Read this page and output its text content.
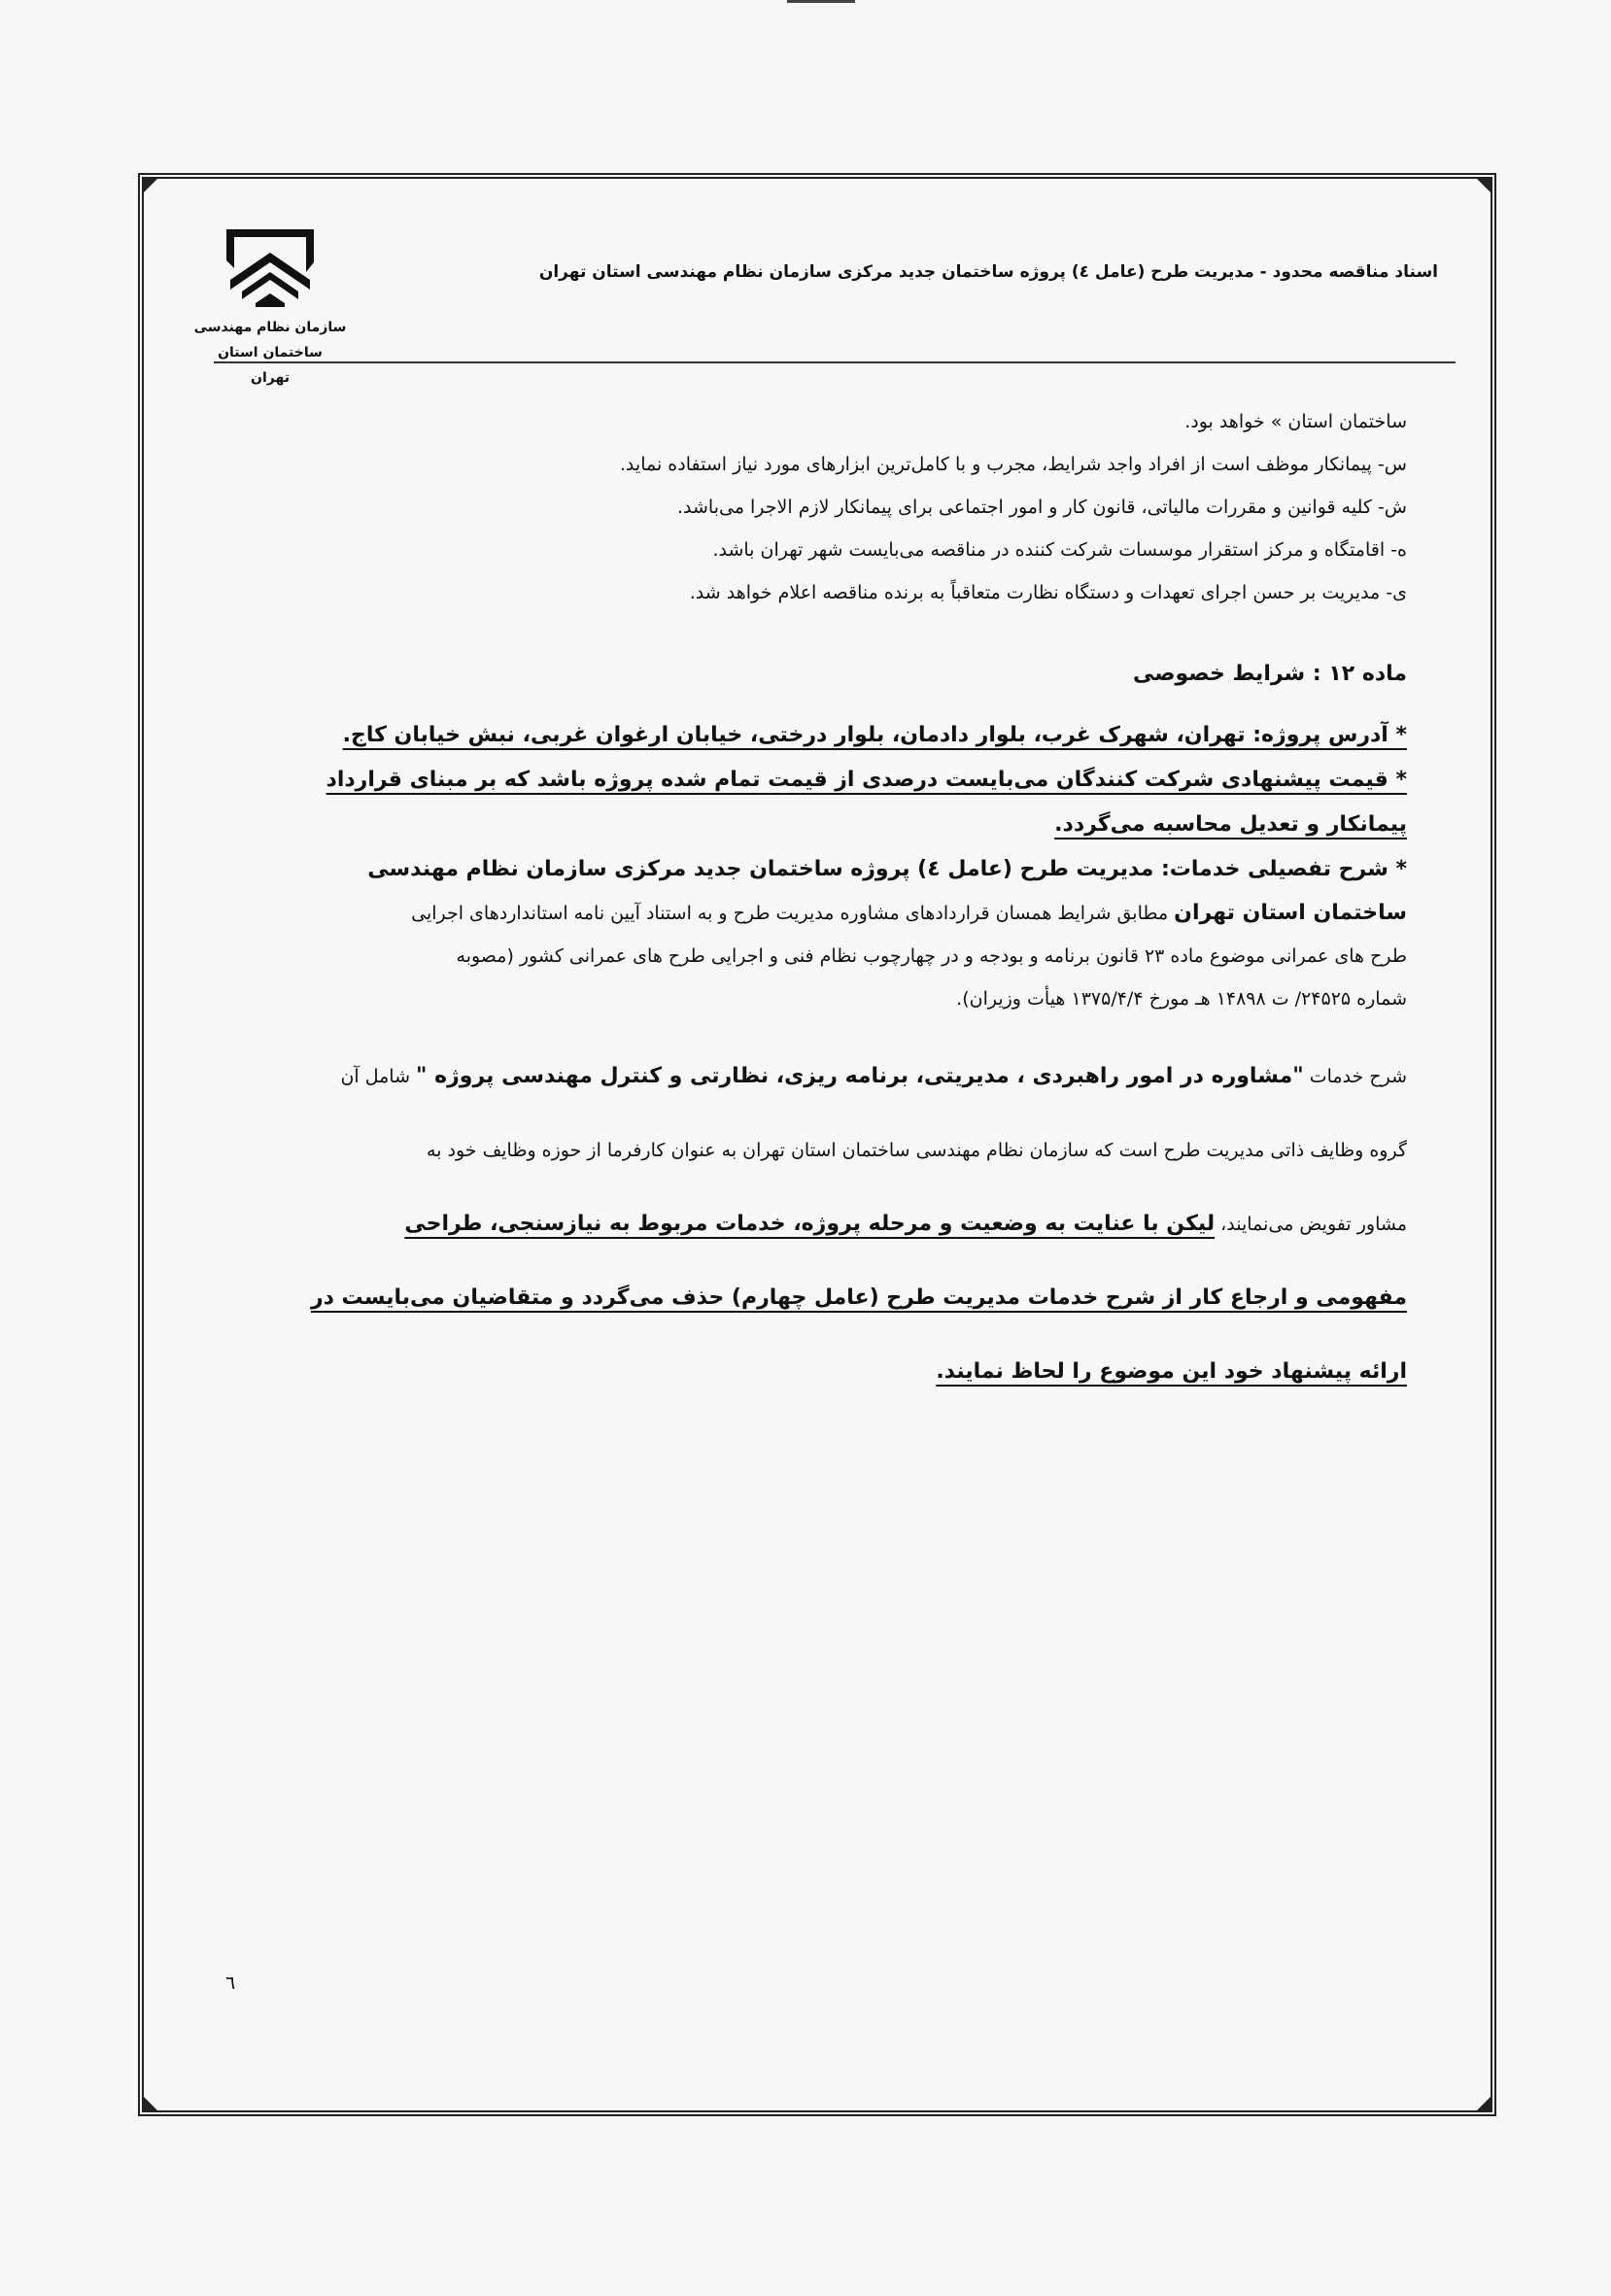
سازمان نظام مهندسی ساختمان استان
تهران
اسناد مناقصه محدود - مدیریت طرح (عامل ٤) پروژه ساختمان جدید مرکزی سازمان نظام مهندسی استان تهران
ساختمان استان » خواهد بود.
س- پیمانکار موظف است از افراد واجد شرایط، مجرب و با کامل‌ترین ابزارهای مورد نیاز استفاده نماید.
ش- کلیه قوانین و مقررات مالیاتی، قانون کار و امور اجتماعی برای پیمانکار لازم الاجرا می‌باشد.
ه- اقامتگاه و مرکز استقرار موسسات شرکت کننده در مناقصه می‌بایست شهر تهران باشد.
ی- مدیریت بر حسن اجرای تعهدات و دستگاه نظارت متعاقباً به برنده مناقصه اعلام خواهد شد.
ماده ۱۲ : شرایط خصوصی
* آدرس پروژه: تهران، شهرک غرب، بلوار دادمان، بلوار درختی، خیابان ارغوان غربی، نبش خیابان کاج.
* قیمت پیشنهادی شرکت کنندگان می‌بایست درصدی از قیمت تمام شده پروژه باشد که بر مبنای قرارداد
پیمانکار و تعدیل محاسبه می‌گردد.
* شرح تفصیلی خدمات: مدیریت طرح (عامل ٤) پروژه ساختمان جدید مرکزی سازمان نظام مهندسی
ساختمان استان تهران مطابق شرایط همسان قراردادهای مشاوره مدیریت طرح و به استناد آیین نامه استانداردهای اجرایی
طرح های عمرانی موضوع ماده ۲۳ قانون برنامه و بودجه و در چهارچوب نظام فنی و اجرایی طرح های عمرانی کشور (مصوبه
شماره ۲۴۵۲۵/ ت ۱۴۸۹۸ هـ مورخ ۱۳۷۵/۴/۴ هیأت وزیران).
شرح خدمات "مشاوره در امور راهبردی ، مدیریتی، برنامه ریزی، نظارتی و کنترل مهندسی پروژه " شامل آن
گروه وظایف ذاتی مدیریت طرح است که سازمان نظام مهندسی ساختمان استان تهران به عنوان کارفرما از حوزه وظایف خود به
مشاور تفویض می‌نمایند، لیکن با عنایت به وضعیت و مرحله پروژه، خدمات مربوط به نیازسنجی، طراحی
مفهومی و ارجاع کار از شرح خدمات مدیریت طرح (عامل چهارم) حذف می‌گردد و متقاضیان می‌بایست در
ارائه پیشنهاد خود این موضوع را لحاظ نمایند.
٦
